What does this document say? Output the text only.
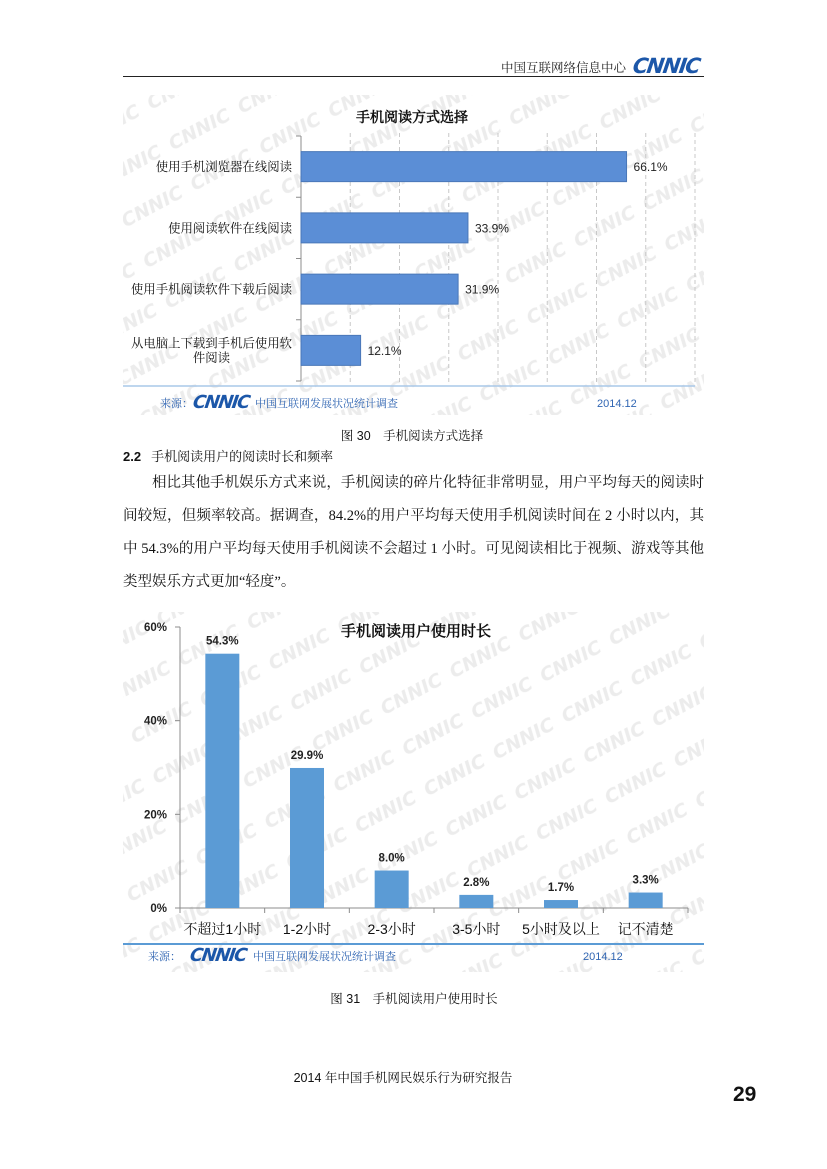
中国互联网络信息中心 CNNIC
手机阅读方式选择
66.1%
使用手机浏览器在线阅读
33.9%
使用阅读软件在线阅读
31.9%
使用手机阅读软件下载后阅读
12.1%
从电脑上下载到手机后使用软件阅读
来源：
CNNIC 中国互联网发展状况统计调查	2014.12
图 30　手机阅读方式选择
2.2 手机阅读用户的阅读时长和频率
相比其他手机娱乐方式来说，手机阅读的碎片化特征非常明显，用户平均每天的阅读时间较短，但频率较高。据调查，84.2%的用户平均每天使用手机阅读时间在 2 小时以内，其中 54.3%的用户平均每天使用手机阅读不会超过 1 小时。可见阅读相比于视频、游戏等其他类型娱乐方式更加“轻度”。
手机阅读用户使用时长
0%
20%
40%
60%
54.3%
不超过1小时
29.9%
1-2小时
8.0%
2-3小时
2.8%
3-5小时
1.7%
5小时及以上
3.3%
记不清楚
来源： CNNIC 中国互联网发展状况统计调查	2014.12
图 31　手机阅读用户使用时长
2014 年中国手机网民娱乐行为研究报告
29
